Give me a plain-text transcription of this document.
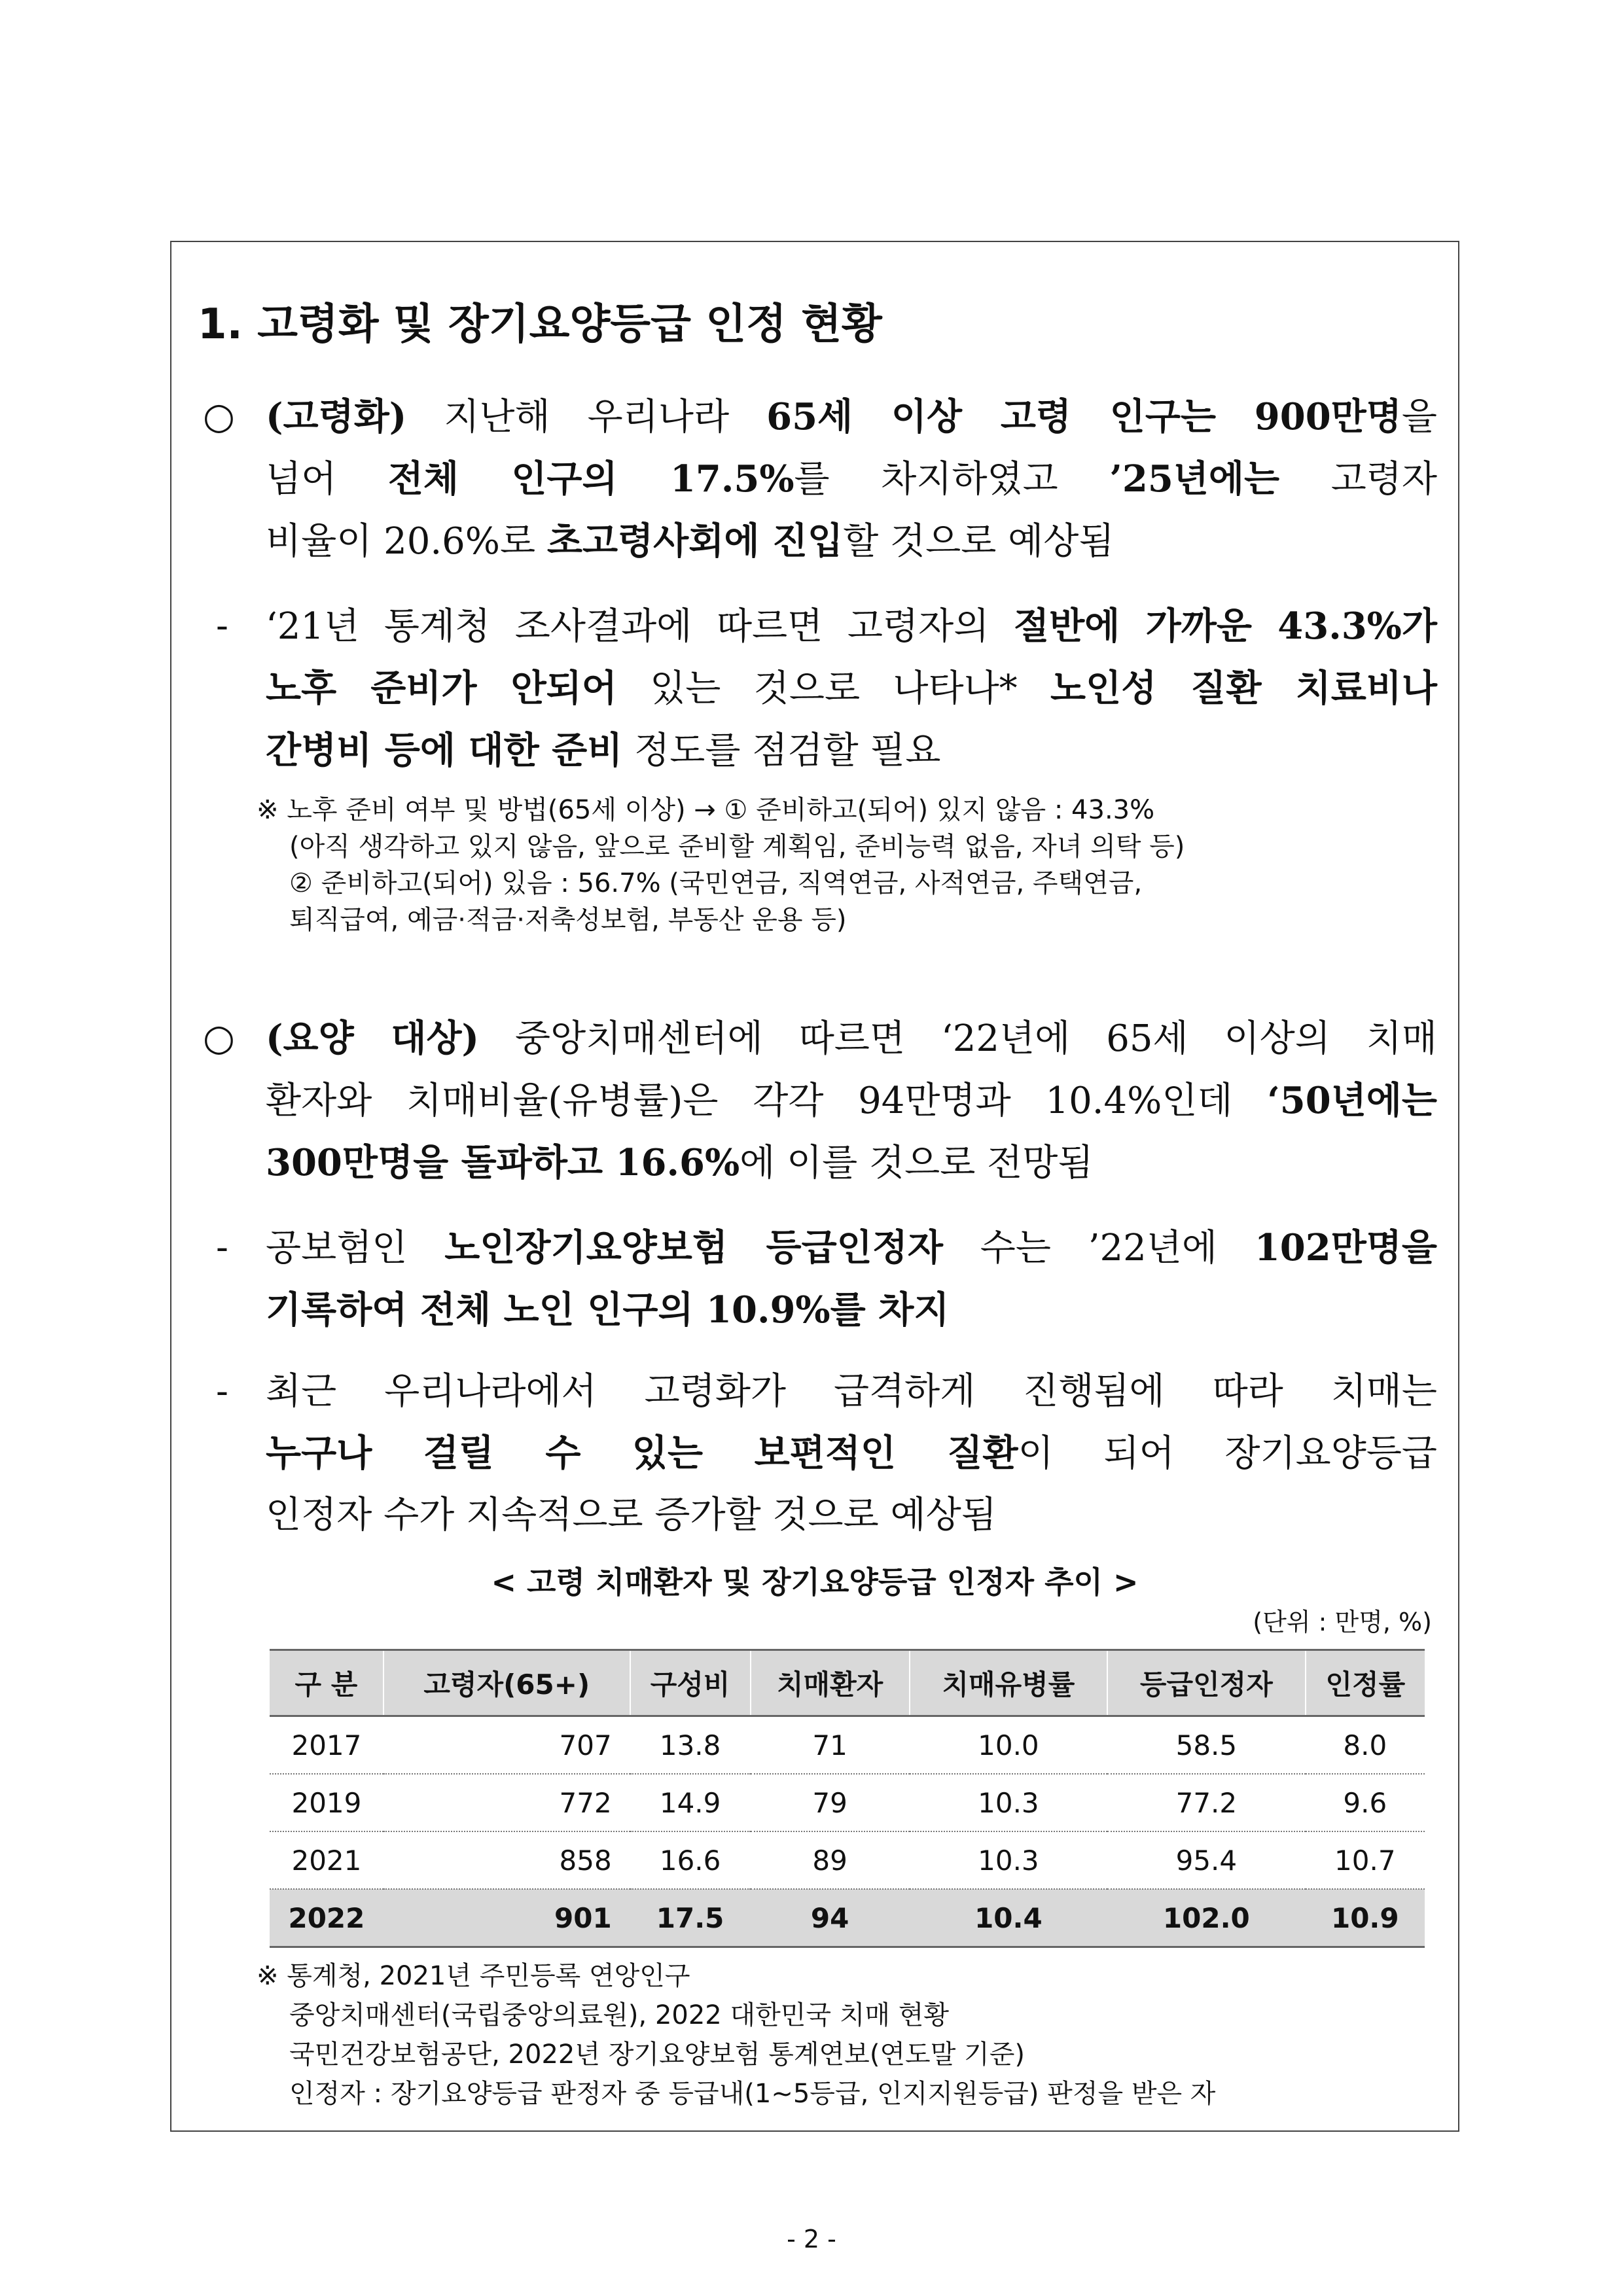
1. 고령화 및 장기요양등급 인정 현황
○ (고령화) 지난해 우리나라 65세 이상 고령 인구는 900만명을
넘어 전체 인구의 17.5%를 차지하였고 ’25년에는 고령자
비율이 20.6%로 초고령사회에 진입할 것으로 예상됨
- ‘21년 통계청 조사결과에 따르면 고령자의 절반에 가까운 43.3%가
노후 준비가 안되어 있는 것으로 나타나* 노인성 질환 치료비나
간병비 등에 대한 준비 정도를 점검할 필요
※ 노후 준비 여부 및 방법(65세 이상) → ① 준비하고(되어) 있지 않음 : 43.3%
(아직 생각하고 있지 않음, 앞으로 준비할 계획임, 준비능력 없음, 자녀 의탁 등)
② 준비하고(되어) 있음 : 56.7% (국민연금, 직역연금, 사적연금, 주택연금,
퇴직급여, 예금·적금·저축성보험, 부동산 운용 등)
○ (요양 대상) 중앙치매센터에 따르면 ‘22년에 65세 이상의 치매
환자와 치매비율(유병률)은 각각 94만명과 10.4%인데 ‘50년에는
300만명을 돌파하고 16.6%에 이를 것으로 전망됨
- 공보험인 노인장기요양보험 등급인정자 수는 ’22년에 102만명을
기록하여 전체 노인 인구의 10.9%를 차지
- 최근 우리나라에서 고령화가 급격하게 진행됨에 따라 치매는
누구나 걸릴 수 있는 보편적인 질환이 되어 장기요양등급
인정자 수가 지속적으로 증가할 것으로 예상됨
< 고령 치매환자 및 장기요양등급 인정자 추이 >
(단위 : 만명, %)
구 분	고령자(65+)	구성비	치매환자	치매유병률	등급인정자	인정률
2017	707	13.8	71	10.0	58.5	8.0
2019	772	14.9	79	10.3	77.2	9.6
2021	858	16.6	89	10.3	95.4	10.7
2022	901	17.5	94	10.4	102.0	10.9
※ 통계청, 2021년 주민등록 연앙인구
중앙치매센터(국립중앙의료원), 2022 대한민국 치매 현황
국민건강보험공단, 2022년 장기요양보험 통계연보(연도말 기준)
인정자 : 장기요양등급 판정자 중 등급내(1~5등급, 인지지원등급) 판정을 받은 자
- 2 -
